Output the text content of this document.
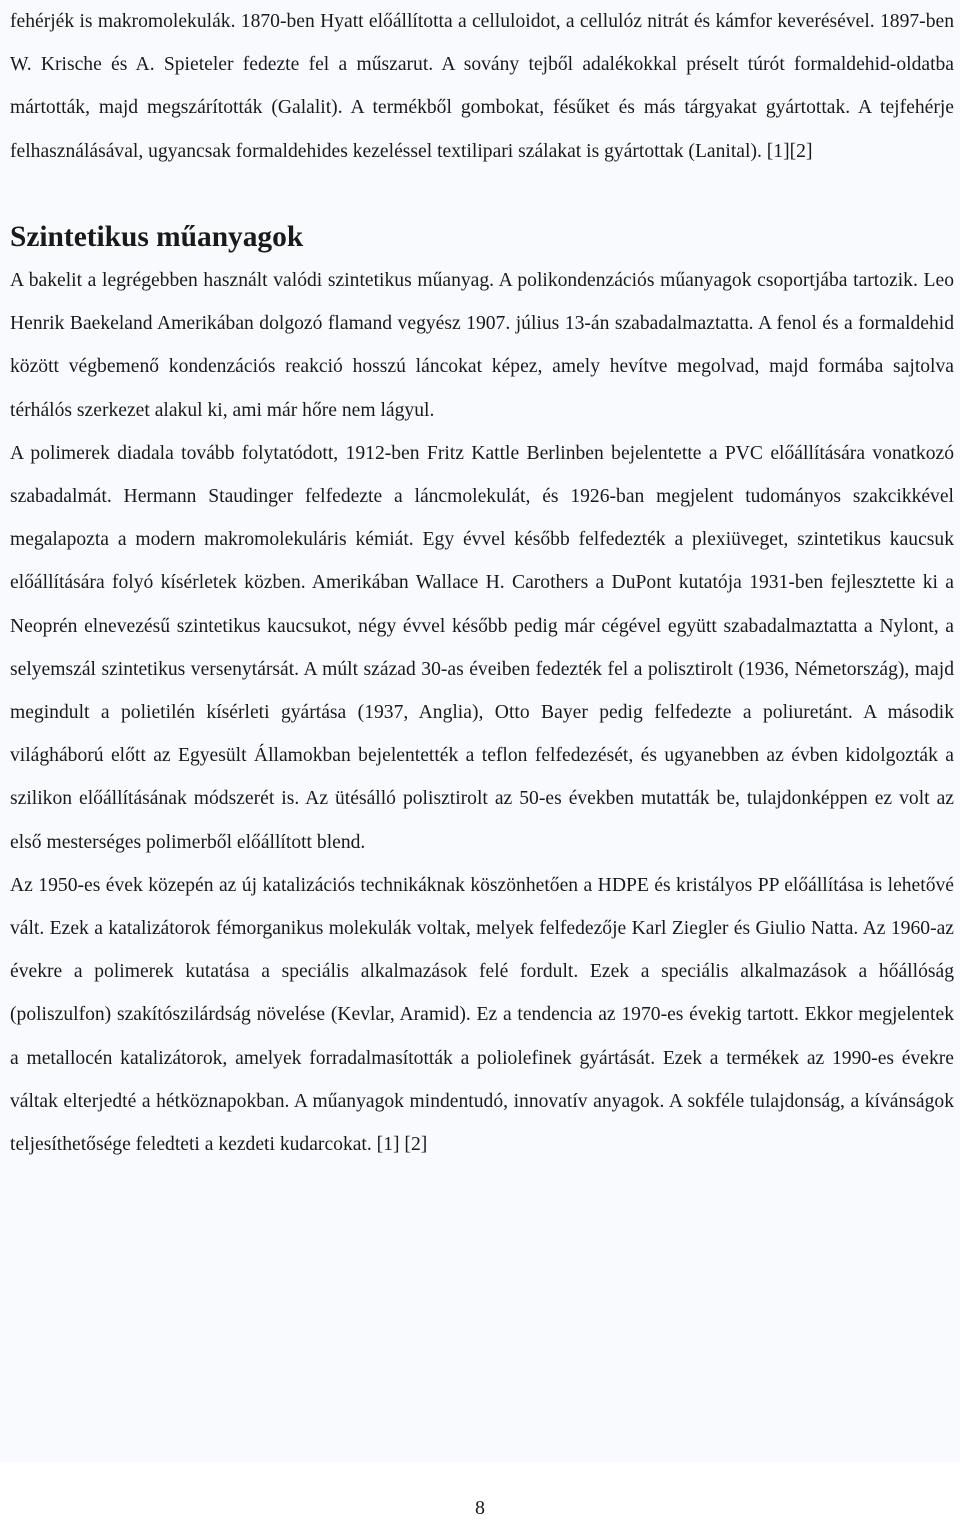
fehérjék is makromolekulák. 1870-ben Hyatt előállította a celluloidot, a cellulóz nitrát és kámfor keverésével. 1897-ben W. Krische és A. Spieteler fedezte fel a műszarut. A sovány tejből adalékokkal préselt túrót formaldehid-oldatba mártották, majd megszárították (Galalit). A termékből gombokat, fésűket és más tárgyakat gyártottak. A tejfehérje felhasználásával, ugyancsak formaldehides kezeléssel textilipari szálakat is gyártottak (Lanital). [1][2]

Szintetikus műanyagok

A bakelit a legrégebben használt valódi szintetikus műanyag. A polikondenzációs műanyagok csoportjába tartozik. Leo Henrik Baekeland Amerikában dolgozó flamand vegyész 1907. július 13-án szabadalmaztatta. A fenol és a formaldehid között végbemenő kondenzációs reakció hosszú láncokat képez, amely hevítve megolvad, majd formába sajtolva térhálós szerkezet alakul ki, ami már hőre nem lágyul.

A polimerek diadala tovább folytatódott, 1912-ben Fritz Kattle Berlinben bejelentette a PVC előállítására vonatkozó szabadalmát. Hermann Staudinger felfedezte a láncmolekulát, és 1926-ban megjelent tudományos szakcikkével megalapozta a modern makromolekuláris kémiát. Egy évvel később felfedezték a plexiüveget, szintetikus kaucsuk előállítására folyó kísérletek közben. Amerikában Wallace H. Carothers a DuPont kutatója 1931-ben fejlesztette ki a Neoprén elnevezésű szintetikus kaucsukot, négy évvel később pedig már cégével együtt szabadalmaztatta a Nylont, a selyemszál szintetikus versenytársát. A múlt század 30-as éveiben fedezték fel a polisztirolt (1936, Németország), majd megindult a polietilén kísérleti gyártása (1937, Anglia), Otto Bayer pedig felfedezte a poliuretánt. A második világháború előtt az Egyesült Államokban bejelentették a teflon felfedezését, és ugyanebben az évben kidolgozták a szilikon előállításának módszerét is. Az ütésálló polisztirolt az 50-es években mutatták be, tulajdonképpen ez volt az első mesterséges polimerből előállított blend.

Az 1950-es évek közepén az új katalizációs technikáknak köszönhetően a HDPE és kristályos PP előállítása is lehetővé vált. Ezek a katalizátorok fémorganikus molekulák voltak, melyek felfedezője Karl Ziegler és Giulio Natta. Az 1960-az évekre a polimerek kutatása a speciális alkalmazások felé fordult. Ezek a speciális alkalmazások a hőállóság (poliszulfon) szakítószilárdság növelése (Kevlar, Aramid). Ez a tendencia az 1970-es évekig tartott. Ekkor megjelentek a metallocén katalizátorok, amelyek forradalmasították a poliolefinek gyártását. Ezek a termékek az 1990-es évekre váltak elterjedté a hétköznapokban. A műanyagok mindentudó, innovatív anyagok. A sokféle tulajdonság, a kívánságok teljesíthetősége feledteti a kezdeti kudarcokat. [1] [2]

8
